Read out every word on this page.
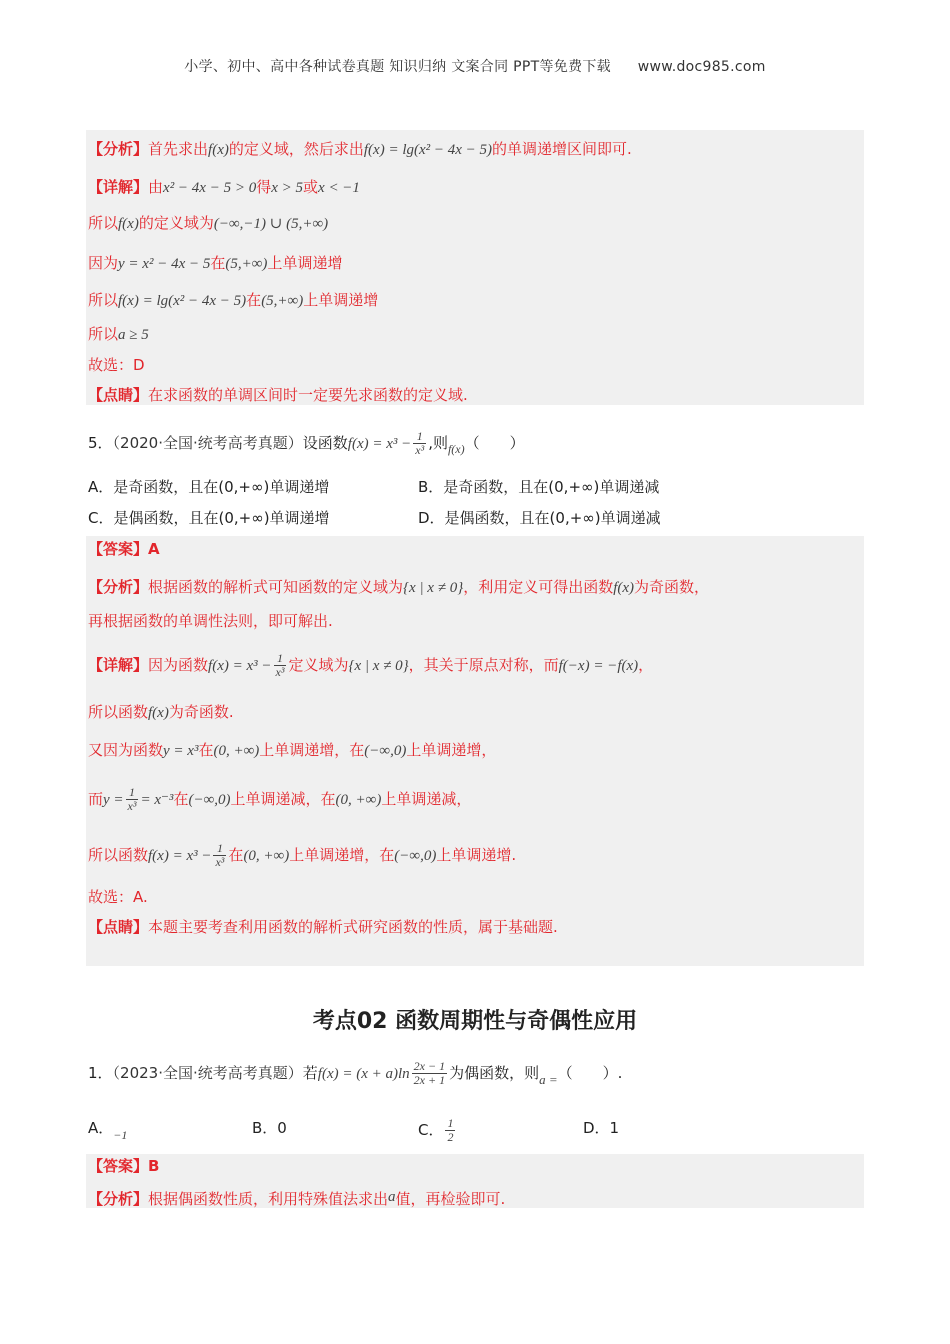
小学、初中、高中各种试卷真题 知识归纳 文案合同 PPT等免费下载 www.doc985.com
【分析】首先求出f(x)的定义域，然后求出f(x) = lg(x² − 4x − 5)的单调递增区间即可.
【详解】由x² − 4x − 5 > 0得x > 5或x < −1
所以f(x)的定义域为(−∞,−1) ∪ (5,+∞)
因为y = x² − 4x − 5在(5,+∞)上单调递增
所以f(x) = lg(x² − 4x − 5)在(5,+∞)上单调递增
所以a ≥ 5
故选：D
【点睛】在求函数的单调区间时一定要先求函数的定义域.
5．（2020·全国·统考高考真题）设函数$f(x) = x^3 - \frac{1}{\text{x³}}$ ,则$_{f(x)}$（　　）
A．是奇函数，且在(0,+∞)单调递增	B．是奇函数，且在(0,+∞)单调递减
C．是偶函数，且在(0,+∞)单调递增	D．是偶函数，且在(0,+∞)单调递减
【答案】A
【分析】根据函数的解析式可知函数的定义域为{x | x ≠ 0}，利用定义可得出函数f(x)为奇函数，
再根据函数的单调性法则，即可解出.
【详解】因为函数$f(x) = x^3 - \frac{1}{\text{x³}}$ 定义域为{x | x ≠ 0}，其关于原点对称，而f(−x) = −f(x)，
所以函数f(x)为奇函数.
又因为函数y = x³在(0, +∞)上单调递增，在(−∞,0)上单调递增，
而$y = \frac{1}{\text{x³}} = x^{-3}$在(−∞,0)上单调递减，在(0, +∞)上单调递减，
所以函数$f(x) = x^3 - \frac{1}{\text{x³}}$ 在(0, +∞)上单调递增，在(−∞,0)上单调递增.
故选：A.
【点睛】本题主要考查利用函数的解析式研究函数的性质，属于基础题.
考点02 函数周期性与奇偶性应用
1．（2023·全国·统考高考真题）若$f(x) = (x + a)\ln \frac{2x - 1}{2x + 1}$ 为偶函数，则a =（　　）.
A．$_{-1}$	B．0	C． $\frac{1}{2}$	D．1
【答案】B
【分析】根据偶函数性质，利用特殊值法求出a值，再检验即可.
